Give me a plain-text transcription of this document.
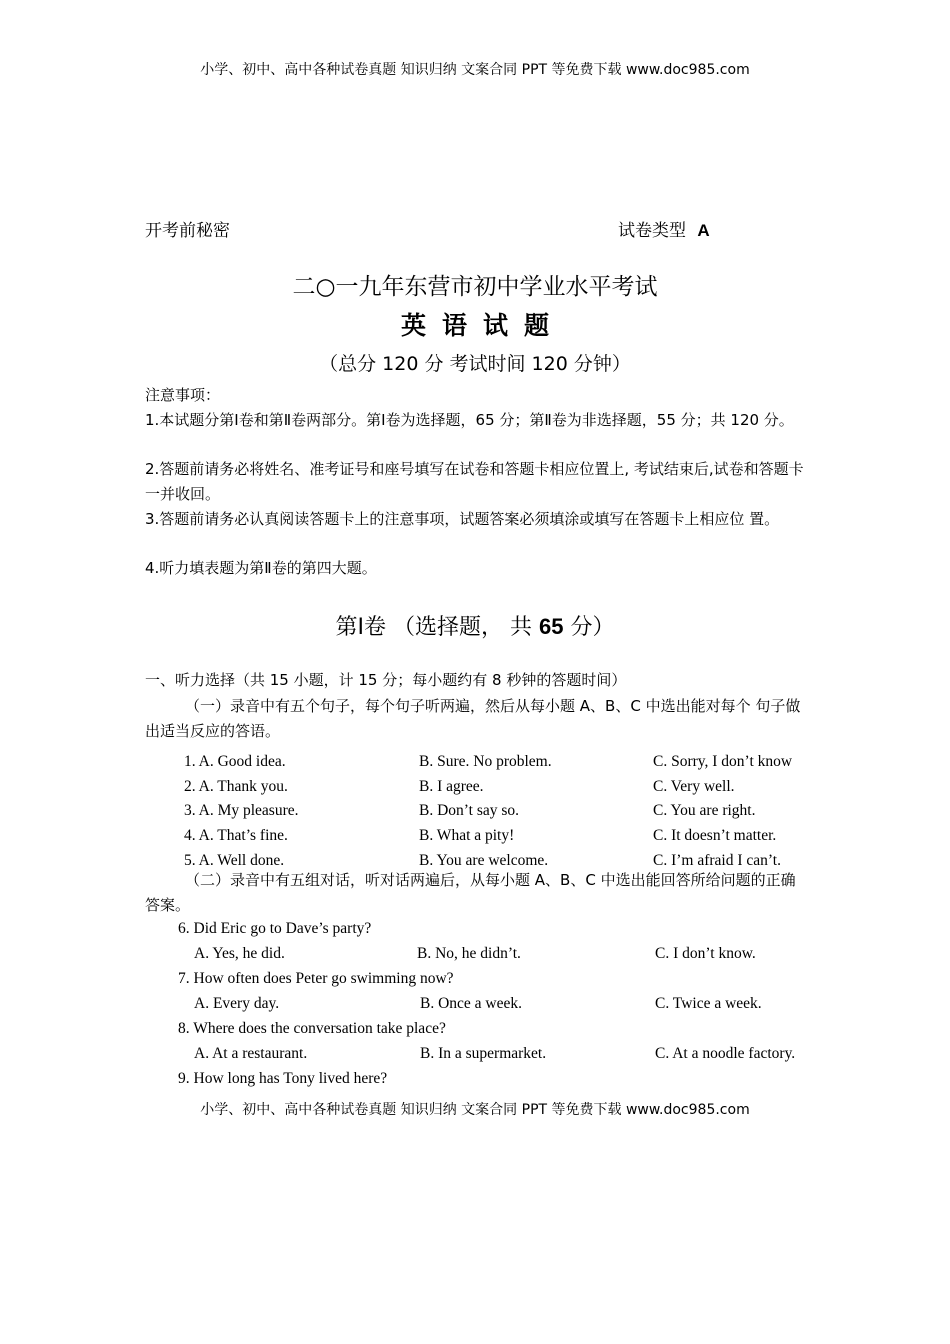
小学、初中、高中各种试卷真题 知识归纳 文案合同 PPT 等免费下载 www.doc985.com
开考前秘密	试卷类型 A
二○一九年东营市初中学业水平考试
英语试题
（总分 120 分 考试时间 120 分钟）
注意事项：
1.本试题分第Ⅰ卷和第Ⅱ卷两部分。第Ⅰ卷为选择题，65 分；第Ⅱ卷为非选择题，55 分；共 120 分。
2.答题前请务必将姓名、准考证号和座号填写在试卷和答题卡相应位置上, 考试结束后,试卷和答题卡一并收回。
3.答题前请务必认真阅读答题卡上的注意事项，试题答案必须填涂或填写在答题卡上相应位 置。
4.听力填表题为第Ⅱ卷的第四大题。
第Ⅰ卷 （选择题， 共 65 分）
一、听力选择（共 15 小题，计 15 分；每小题约有 8 秒钟的答题时间）
（一）录音中有五个句子，每个句子听两遍，然后从每小题 A、B、C 中选出能对每个 句子做出适当反应的答语。
1. A. Good idea.	B. Sure. No problem.	C. Sorry, I don’t know
2. A. Thank you.	B. I agree.	C. Very well.
3. A. My pleasure.	B. Don’t say so.	C. You are right.
4. A. That’s fine.	B. What a pity!	C. It doesn’t matter.
5. A. Well done.	B. You are welcome.	C. I’m afraid I can’t.
（二）录音中有五组对话，听对话两遍后，从每小题 A、B、C 中选出能回答所给问题的正确答案。
6. Did Eric go to Dave’s party?
A. Yes, he did.	B. No, he didn’t.	C. I don’t know.
7. How often does Peter go swimming now?
A. Every day.	B. Once a week.	C. Twice a week.
8. Where does the conversation take place?
A. At a restaurant.	B. In a supermarket.	C. At a noodle factory.
9. How long has Tony lived here?
小学、初中、高中各种试卷真题 知识归纳 文案合同 PPT 等免费下载 www.doc985.com
